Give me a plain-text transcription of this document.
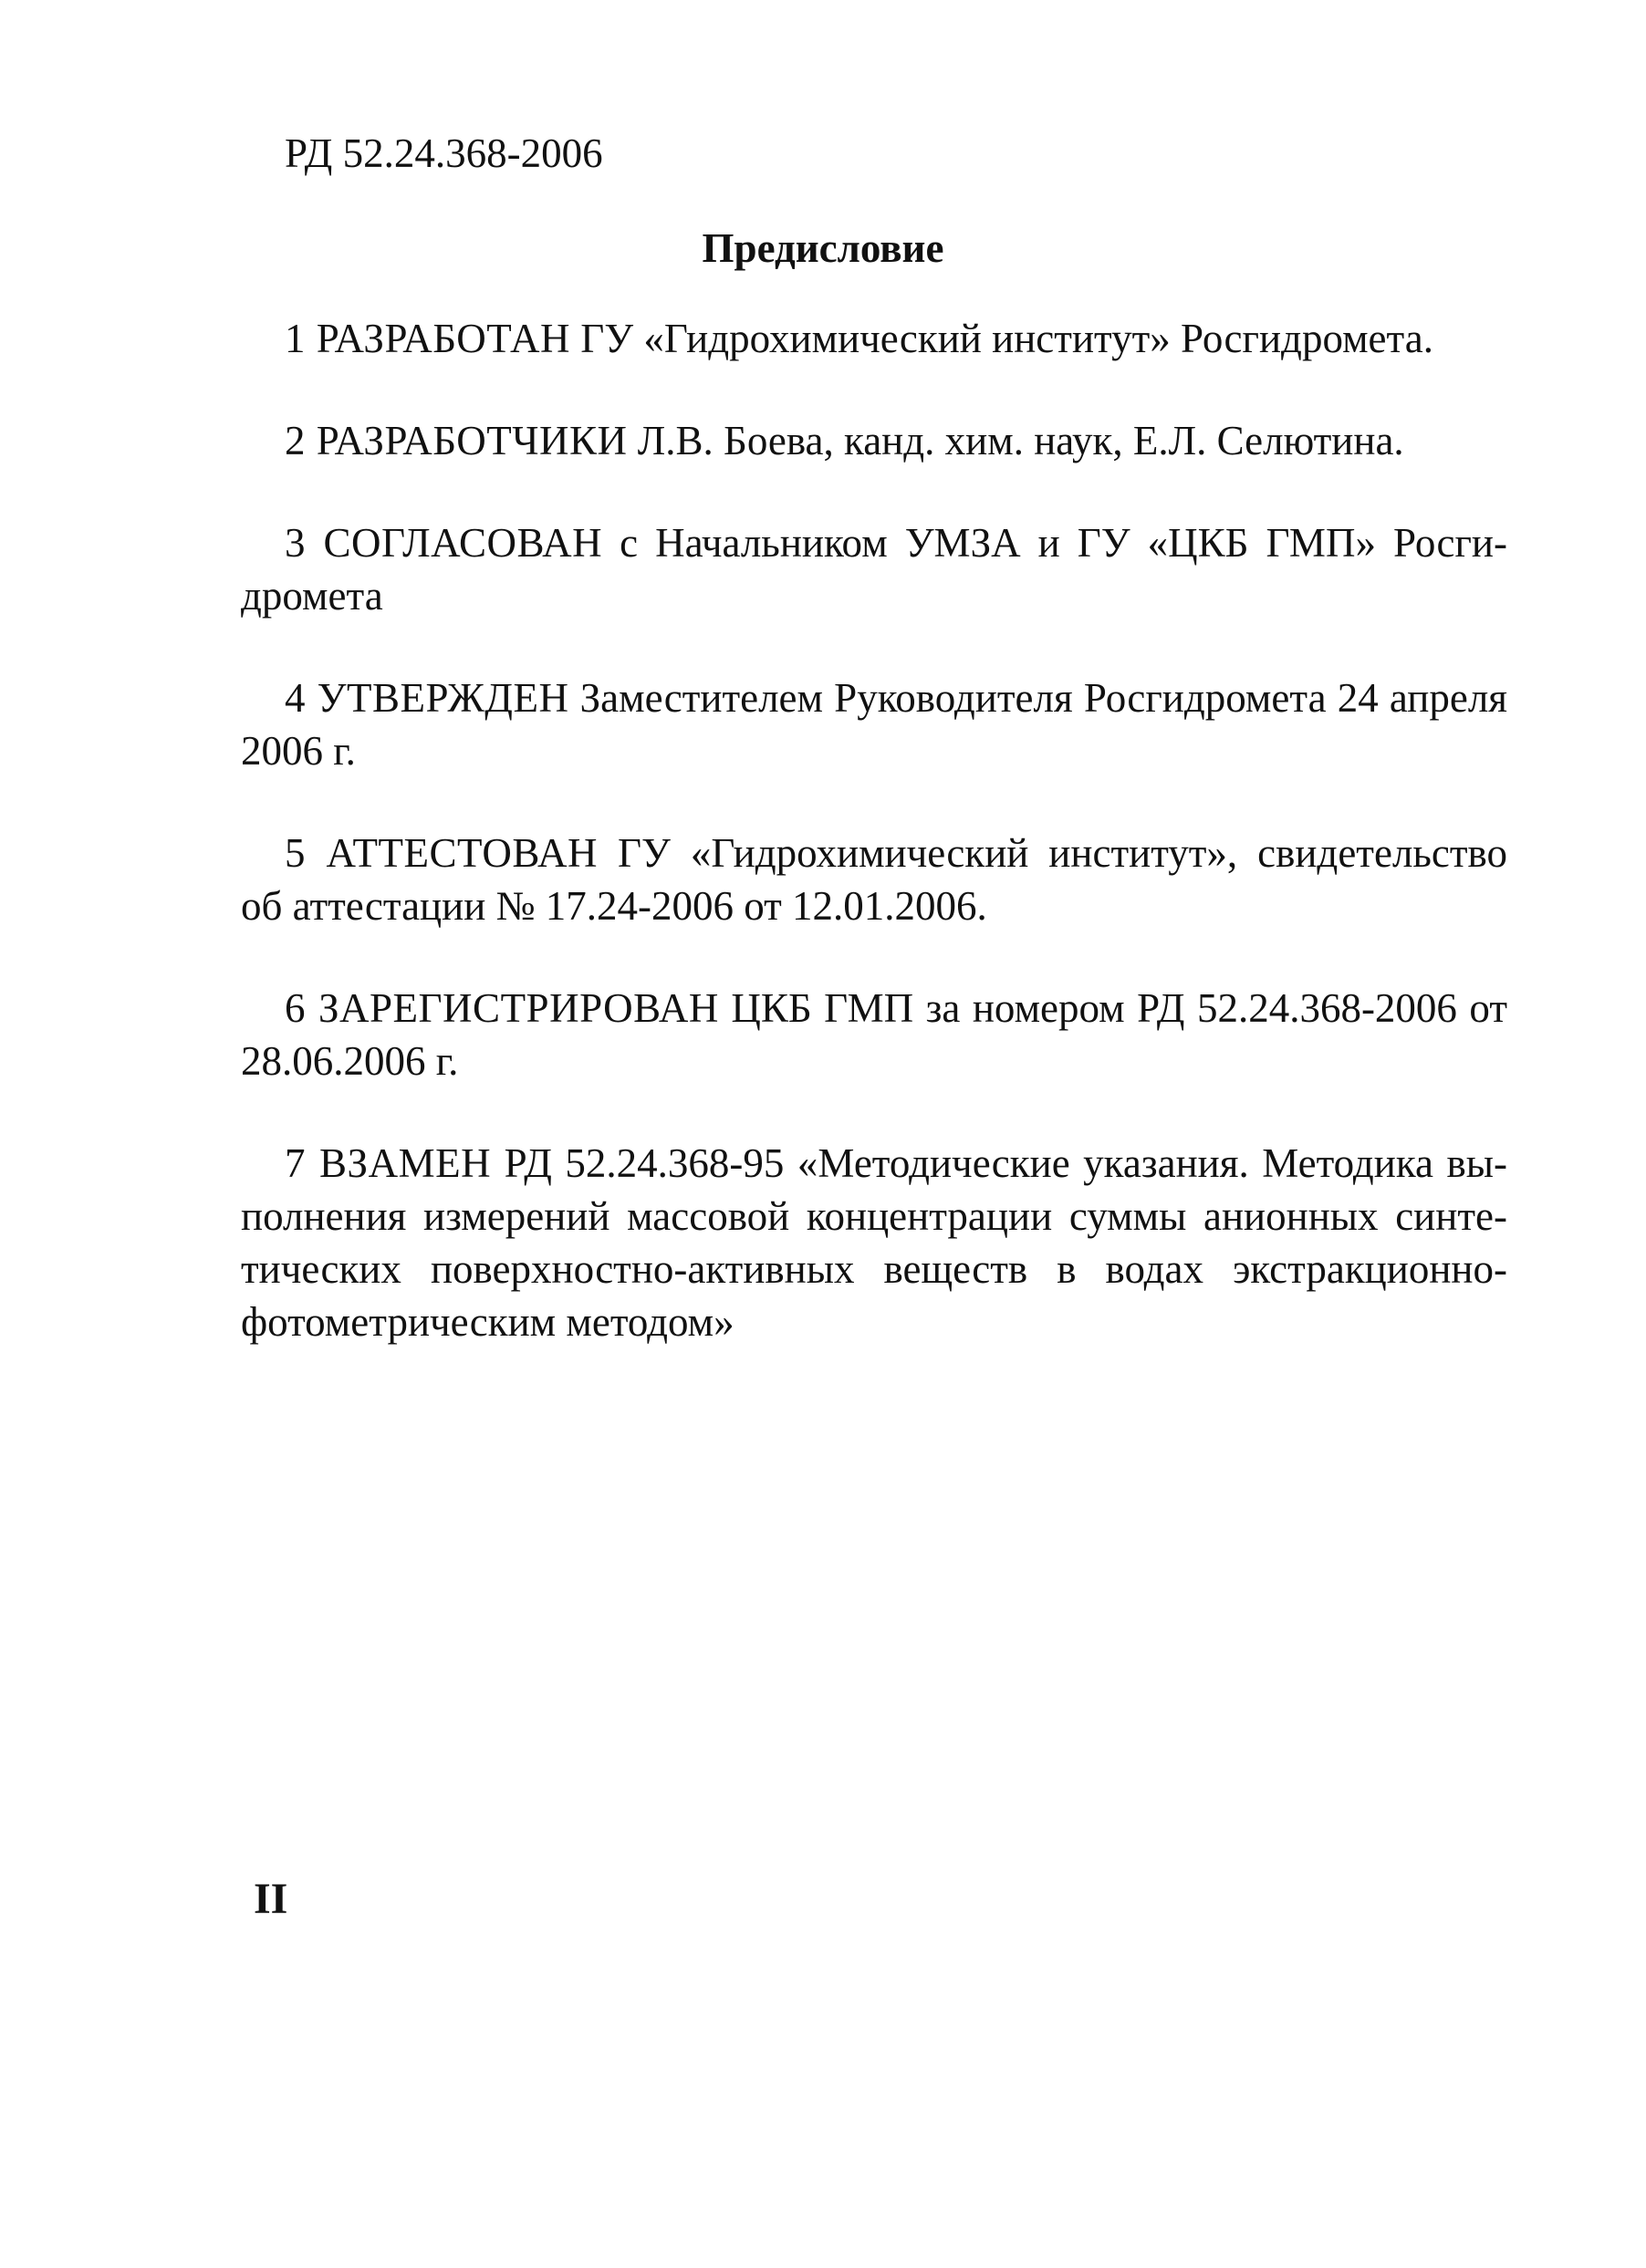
РД 52.24.368-2006
Предисловие

1 РАЗРАБОТАН ГУ «Гидрохимический институт» Росгидромета.

2 РАЗРАБОТЧИКИ Л.В. Боева, канд. хим. наук, Е.Л. Селютина.

3 СОГЛАСОВАН с Начальником УМЗА и ГУ «ЦКБ ГМП» Росгидромета

4 УТВЕРЖДЕН Заместителем Руководителя Росгидромета 24 апреля 2006 г.

5 АТТЕСТОВАН ГУ «Гидрохимический институт», свидетельство об аттестации № 17.24-2006 от 12.01.2006.

6 ЗАРЕГИСТРИРОВАН ЦКБ ГМП за номером РД 52.24.368-2006 от 28.06.2006 г.

7 ВЗАМЕН РД 52.24.368-95 «Методические указания. Методика выполнения измерений массовой концентрации суммы анионных синтетических поверхностно-активных веществ в водах экстракционно-фотометрическим методом»

II
